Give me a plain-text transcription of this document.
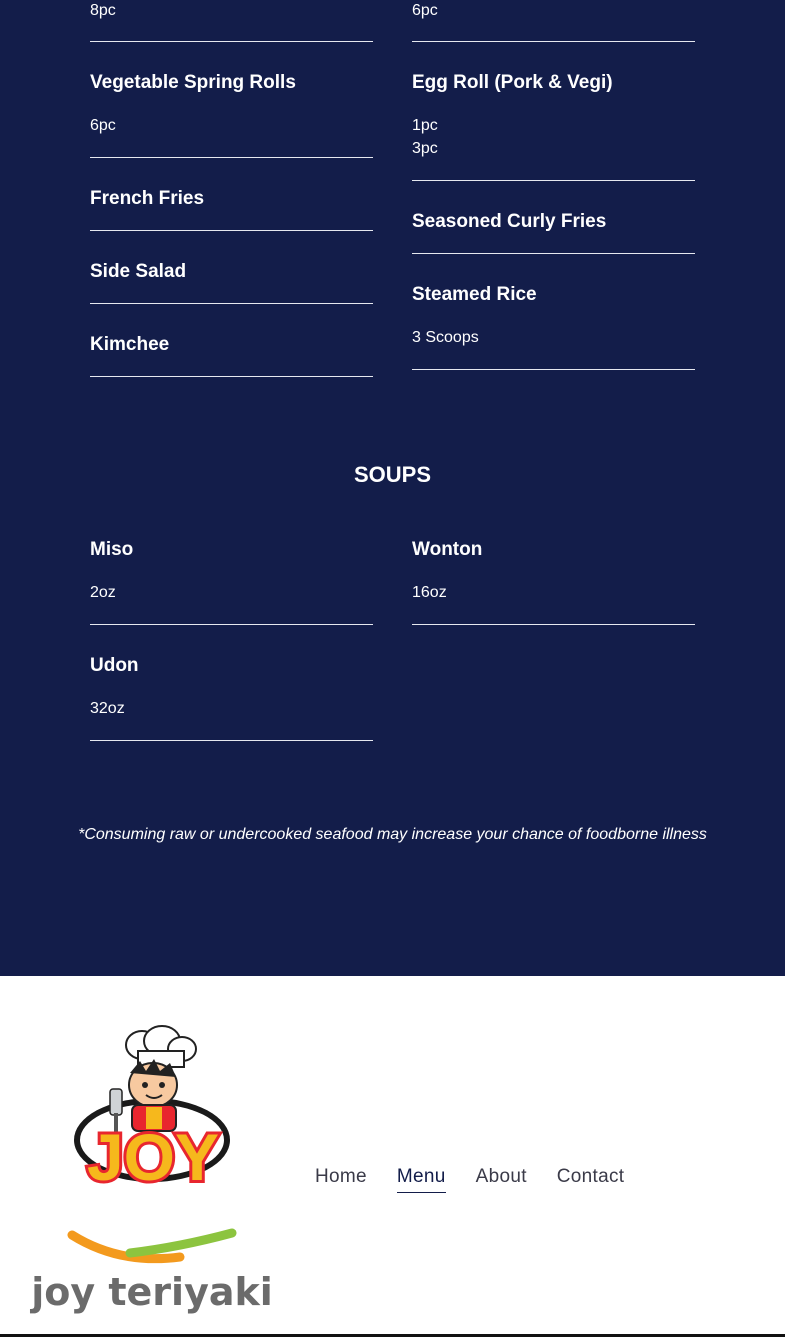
8pc
Vegetable Spring Rolls
6pc
French Fries
Side Salad
Kimchee
6pc
Egg Roll (Pork & Vegi)
1pc
3pc
Seasoned Curly Fries
Steamed Rice
3 Scoops
SOUPS
Miso
2oz
Udon
32oz
Wonton
16oz
*Consuming raw or undercooked seafood may increase your chance of foodborne illness
JOY
joy teriyaki
Home Menu About Contact
